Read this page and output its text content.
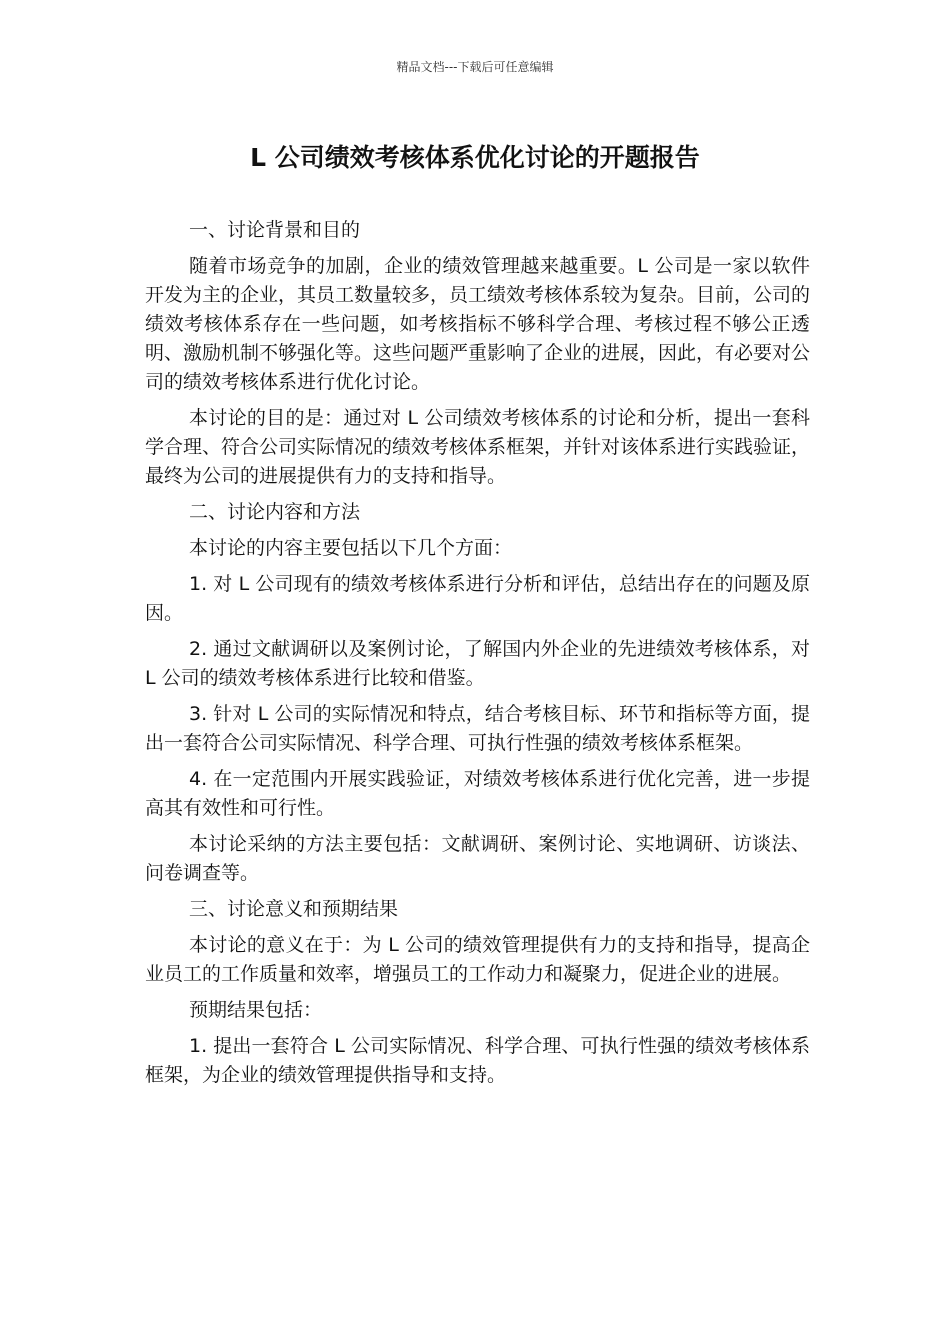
精品文档---下载后可任意编辑
L 公司绩效考核体系优化讨论的开题报告

一、讨论背景和目的

随着市场竞争的加剧，企业的绩效管理越来越重要。L 公司是一家以软件开发为主的企业，其员工数量较多，员工绩效考核体系较为复杂。目前，公司的绩效考核体系存在一些问题，如考核指标不够科学合理、考核过程不够公正透明、激励机制不够强化等。这些问题严重影响了企业的进展，因此，有必要对公司的绩效考核体系进行优化讨论。

本讨论的目的是：通过对 L 公司绩效考核体系的讨论和分析，提出一套科学合理、符合公司实际情况的绩效考核体系框架，并针对该体系进行实践验证，最终为公司的进展提供有力的支持和指导。

二、讨论内容和方法

本讨论的内容主要包括以下几个方面：

1. 对 L 公司现有的绩效考核体系进行分析和评估，总结出存在的问题及原因。

2. 通过文献调研以及案例讨论，了解国内外企业的先进绩效考核体系，对 L 公司的绩效考核体系进行比较和借鉴。

3. 针对 L 公司的实际情况和特点，结合考核目标、环节和指标等方面，提出一套符合公司实际情况、科学合理、可执行性强的绩效考核体系框架。

4. 在一定范围内开展实践验证，对绩效考核体系进行优化完善，进一步提高其有效性和可行性。

本讨论采纳的方法主要包括：文献调研、案例讨论、实地调研、访谈法、问卷调查等。

三、讨论意义和预期结果

本讨论的意义在于：为 L 公司的绩效管理提供有力的支持和指导，提高企业员工的工作质量和效率，增强员工的工作动力和凝聚力，促进企业的进展。

预期结果包括：

1. 提出一套符合 L 公司实际情况、科学合理、可执行性强的绩效考核体系框架，为企业的绩效管理提供指导和支持。
